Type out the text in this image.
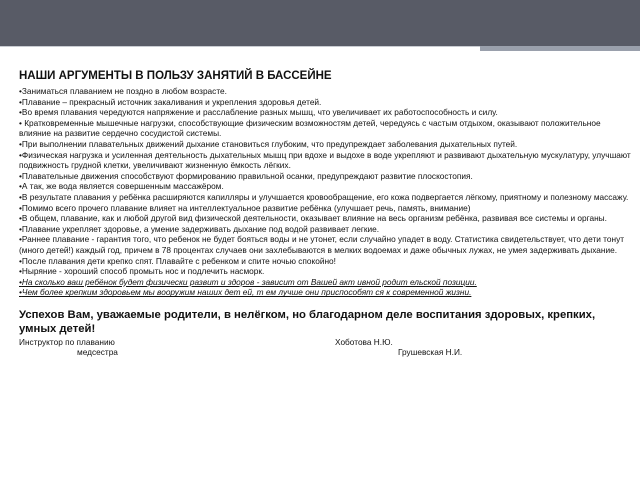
НАШИ АРГУМЕНТЫ В ПОЛЬЗУ ЗАНЯТИЙ В БАССЕЙНЕ
• Заниматься плаванием не поздно в любом возрасте.
• Плавание – прекрасный источник закаливания и укрепления здоровья детей.
• Во время плавания чередуются напряжение и расслабление разных мышц, что увеличивает их работоспособность и силу.
• Кратковременные мышечные нагрузки, способствующие физическим возможностям детей, чередуясь с частым отдыхом, оказывают положительное влияние на развитие сердечно сосудистой системы.
• При выполнении плавательных движений дыхание становиться глубоким, что предупреждает заболевания дыхательных путей.
• Физическая нагрузка и усиленная деятельность дыхательных мышц при вдохе и выдохе в воде укрепляют и развивают дыхательную мускулатуру, улучшают подвижность грудной клетки, увеличивают жизненную ёмкость лёгких.
• Плавательные движения способствуют формированию правильной осанки, предупреждают развитие плоскостопия.
• А так, же вода является совершенным массажёром.
• В результате плавания у ребёнка расширяются капилляры и улучшается кровообращение, его кожа подвергается лёгкому, приятному и полезному массажу.
• Помимо всего прочего плавание влияет на интеллектуальное развитие ребёнка (улучшает речь, память, внимание)
• В общем, плавание, как и любой другой вид физической деятельности, оказывает влияние на весь организм ребёнка, развивая все системы и органы.
• Плавание укрепляет здоровье, а умение задерживать дыхание под водой развивает легкие.
• Раннее плавание - гарантия того, что ребенок не будет бояться воды и не утонет, если случайно упадет в воду. Статистика свидетельствует, что дети тонут (много детей!) каждый год, причем в 78 процентах случаев они захлебываются в мелких водоемах и даже обычных лужах, не умея задерживать дыхание.
• После плавания дети крепко спят. Плавайте с ребенком и спите ночью спокойно!
• Ныряние - хороший способ промыть нос и подлечить насморк.
• На сколько ваш ребёнок будет физически развит и здоров - зависит от Вашей акт ивной родит ельской позиции.
• Чем более крепким здоровьем мы вооружим наших дет ей, т ем лучше они приспособят ся к современной жизни.
Успехов Вам, уважаемые родители, в нелёгком, но благодарном деле воспитания здоровых, крепких, умных детей!
Инструктор по плаванию	Хоботова Н.Ю.
медсестра	Грушевская Н.И.
